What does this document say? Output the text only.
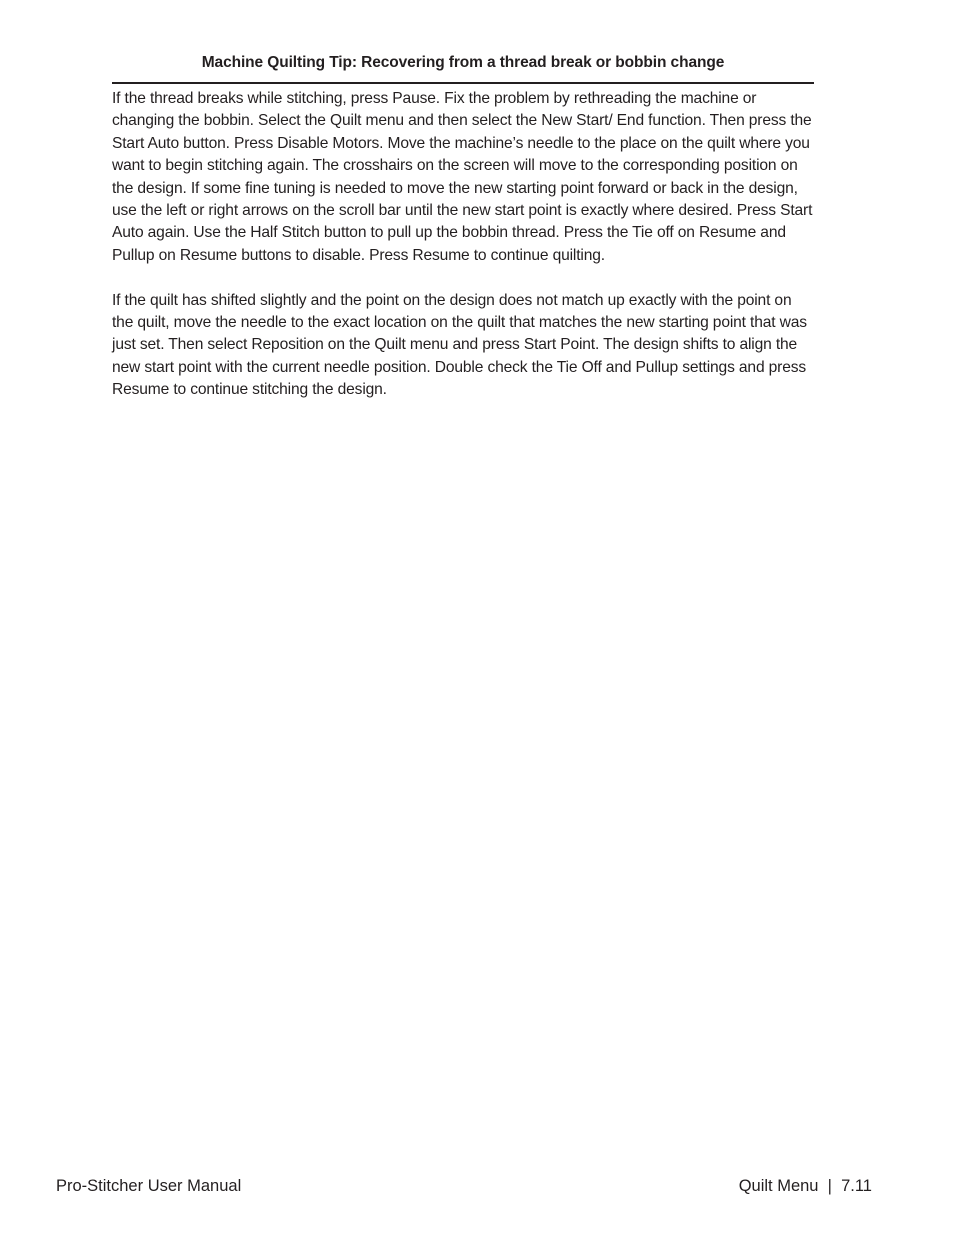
Machine Quilting Tip: Recovering from a thread break or bobbin change

If the thread breaks while stitching, press Pause. Fix the problem by rethreading the machine or changing the bobbin. Select the Quilt menu and then select the New Start/ End function. Then press the Start Auto button. Press Disable Motors. Move the machine’s needle to the place on the quilt where you want to begin stitching again. The crosshairs on the screen will move to the corresponding position on the design. If some fine tuning is needed to move the new starting point forward or back in the design, use the left or right arrows on the scroll bar until the new start point is exactly where desired. Press Start Auto again. Use the Half Stitch button to pull up the bobbin thread. Press the Tie off on Resume and Pullup on Resume buttons to disable. Press Resume to continue quilting.

If the quilt has shifted slightly and the point on the design does not match up exactly with the point on the quilt, move the needle to the exact location on the quilt that matches the new starting point that was just set. Then select Reposition on the Quilt menu and press Start Point. The design shifts to align the new start point with the current needle position. Double check the Tie Off and Pullup settings and press Resume to continue stitching the design.

Pro-Stitcher User Manual	Quilt Menu  |  7.11
